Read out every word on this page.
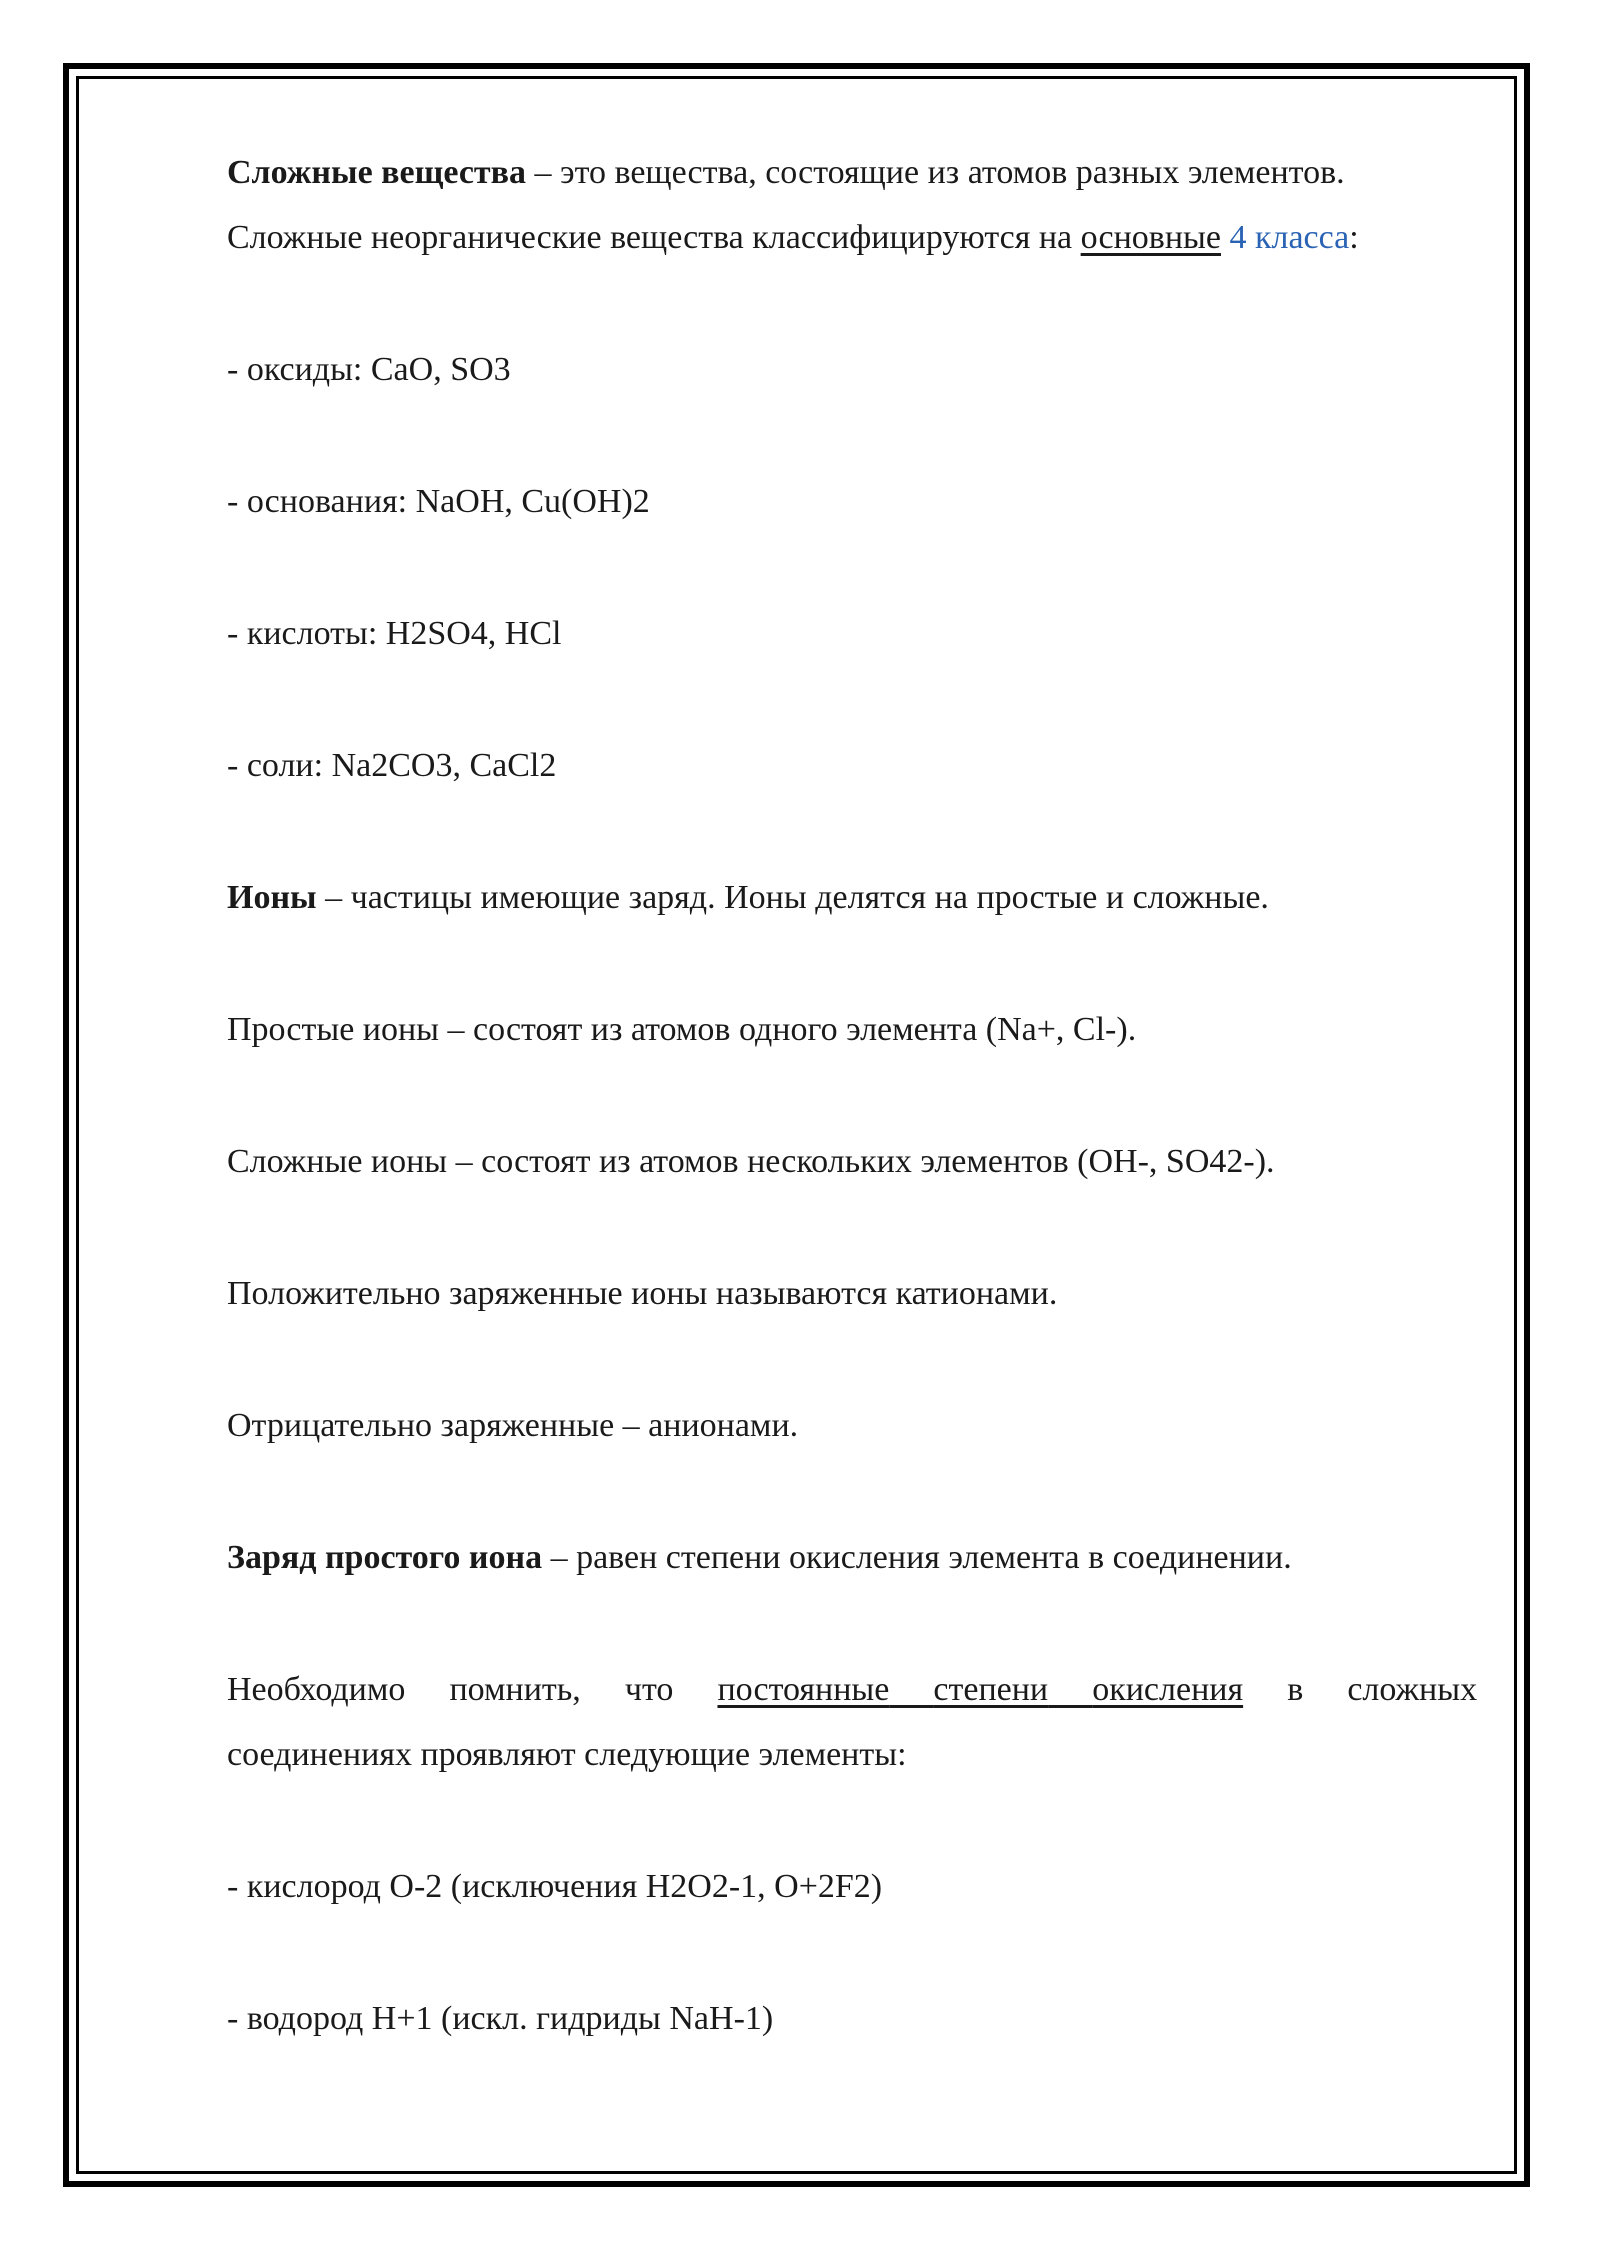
Сложные вещества – это вещества, состоящие из атомов разных элементов.
Сложные неорганические вещества классифицируются на основные 4 класса:

- оксиды: CaO, SO3

- основания: NaOH, Cu(OH)2

- кислоты: H2SO4, HCl

- соли: Na2CO3, CaCl2

Ионы – частицы имеющие заряд. Ионы делятся на простые и сложные.

Простые ионы – состоят из атомов одного элемента (Na+, Cl-).

Сложные ионы – состоят из атомов нескольких элементов (OH-, SO42-).

Положительно заряженные ионы называются катионами.

Отрицательно заряженные – анионами.

Заряд простого иона – равен степени окисления элемента в соединении.

Необходимо помнить, что постоянные степени окисления в сложных

соединениях проявляют следующие элементы:

- кислород O-2 (исключения H2O2-1, O+2F2)

- водород H+1 (искл. гидриды NaH-1)
